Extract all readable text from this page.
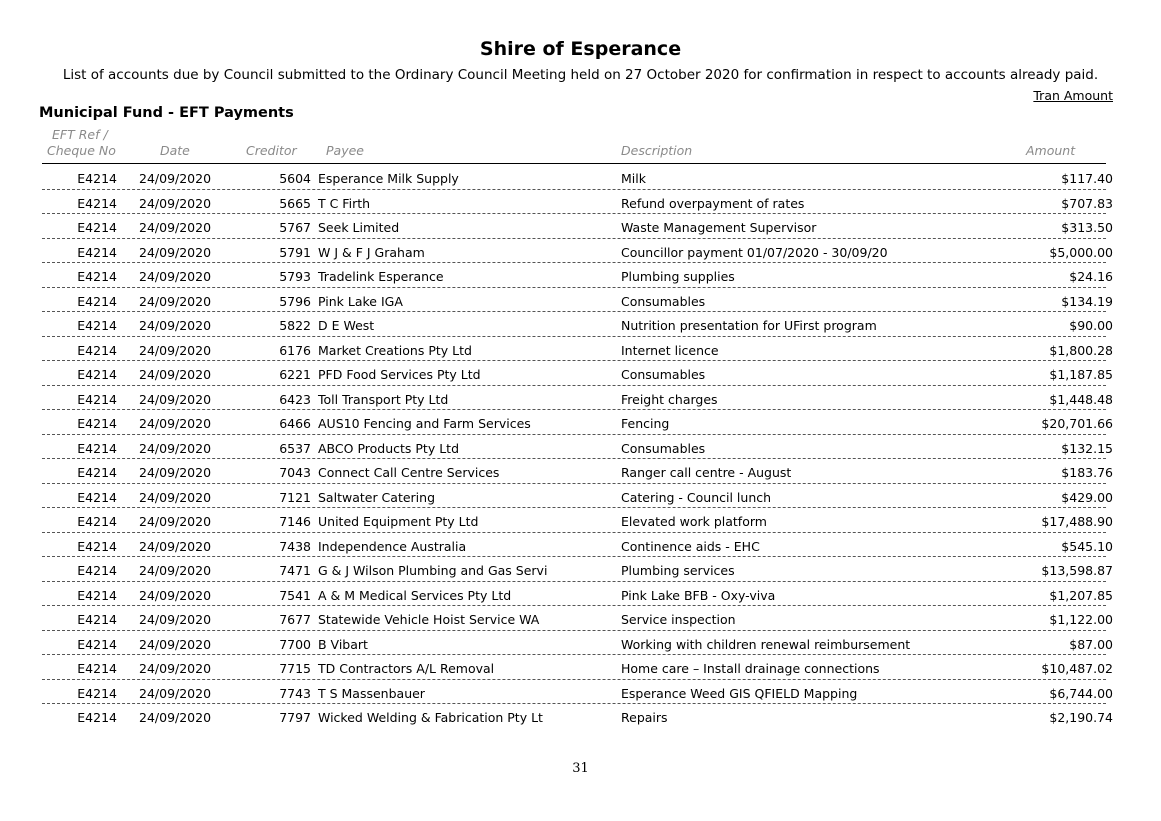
Shire of Esperance
List of accounts due by Council submitted to the Ordinary Council Meeting held on 27 October 2020 for confirmation in respect to accounts already paid.
Tran Amount
Municipal Fund - EFT Payments
EFT Ref /
Cheque No	Date	Creditor Payee	Description	Amount
E4214 24/09/2020	5604 Esperance Milk Supply	Milk	$117.40
E4214 24/09/2020	5665 T C Firth	Refund overpayment of rates	$707.83
E4214 24/09/2020	5767 Seek Limited	Waste Management Supervisor	$313.50
E4214 24/09/2020	5791 W J & F J Graham	Councillor payment 01/07/2020 - 30/09/20	$5,000.00
E4214 24/09/2020	5793 Tradelink Esperance	Plumbing supplies	$24.16
E4214 24/09/2020	5796 Pink Lake IGA	Consumables	$134.19
E4214 24/09/2020	5822 D E West	Nutrition presentation for UFirst program	$90.00
E4214 24/09/2020	6176 Market Creations Pty Ltd	Internet licence	$1,800.28
E4214 24/09/2020	6221 PFD Food Services Pty Ltd	Consumables	$1,187.85
E4214 24/09/2020	6423 Toll Transport Pty Ltd	Freight charges	$1,448.48
E4214 24/09/2020	6466 AUS10 Fencing and Farm Services	Fencing	$20,701.66
E4214 24/09/2020	6537 ABCO Products Pty Ltd	Consumables	$132.15
E4214 24/09/2020	7043 Connect Call Centre Services	Ranger call centre - August	$183.76
E4214 24/09/2020	7121 Saltwater Catering	Catering - Council lunch	$429.00
E4214 24/09/2020	7146 United Equipment Pty Ltd	Elevated work platform	$17,488.90
E4214 24/09/2020	7438 Independence Australia	Continence aids - EHC	$545.10
E4214 24/09/2020	7471 G & J Wilson Plumbing and Gas Servi	Plumbing services	$13,598.87
E4214 24/09/2020	7541 A & M Medical Services Pty Ltd	Pink Lake BFB - Oxy-viva	$1,207.85
E4214 24/09/2020	7677 Statewide Vehicle Hoist Service WA	Service inspection	$1,122.00
E4214 24/09/2020	7700 B Vibart	Working with children renewal reimbursement	$87.00
E4214 24/09/2020	7715 TD Contractors A/L Removal	Home care – Install drainage connections	$10,487.02
E4214 24/09/2020	7743 T S Massenbauer	Esperance Weed GIS QFIELD Mapping	$6,744.00
E4214 24/09/2020	7797 Wicked Welding & Fabrication Pty Lt	Repairs	$2,190.74
31
